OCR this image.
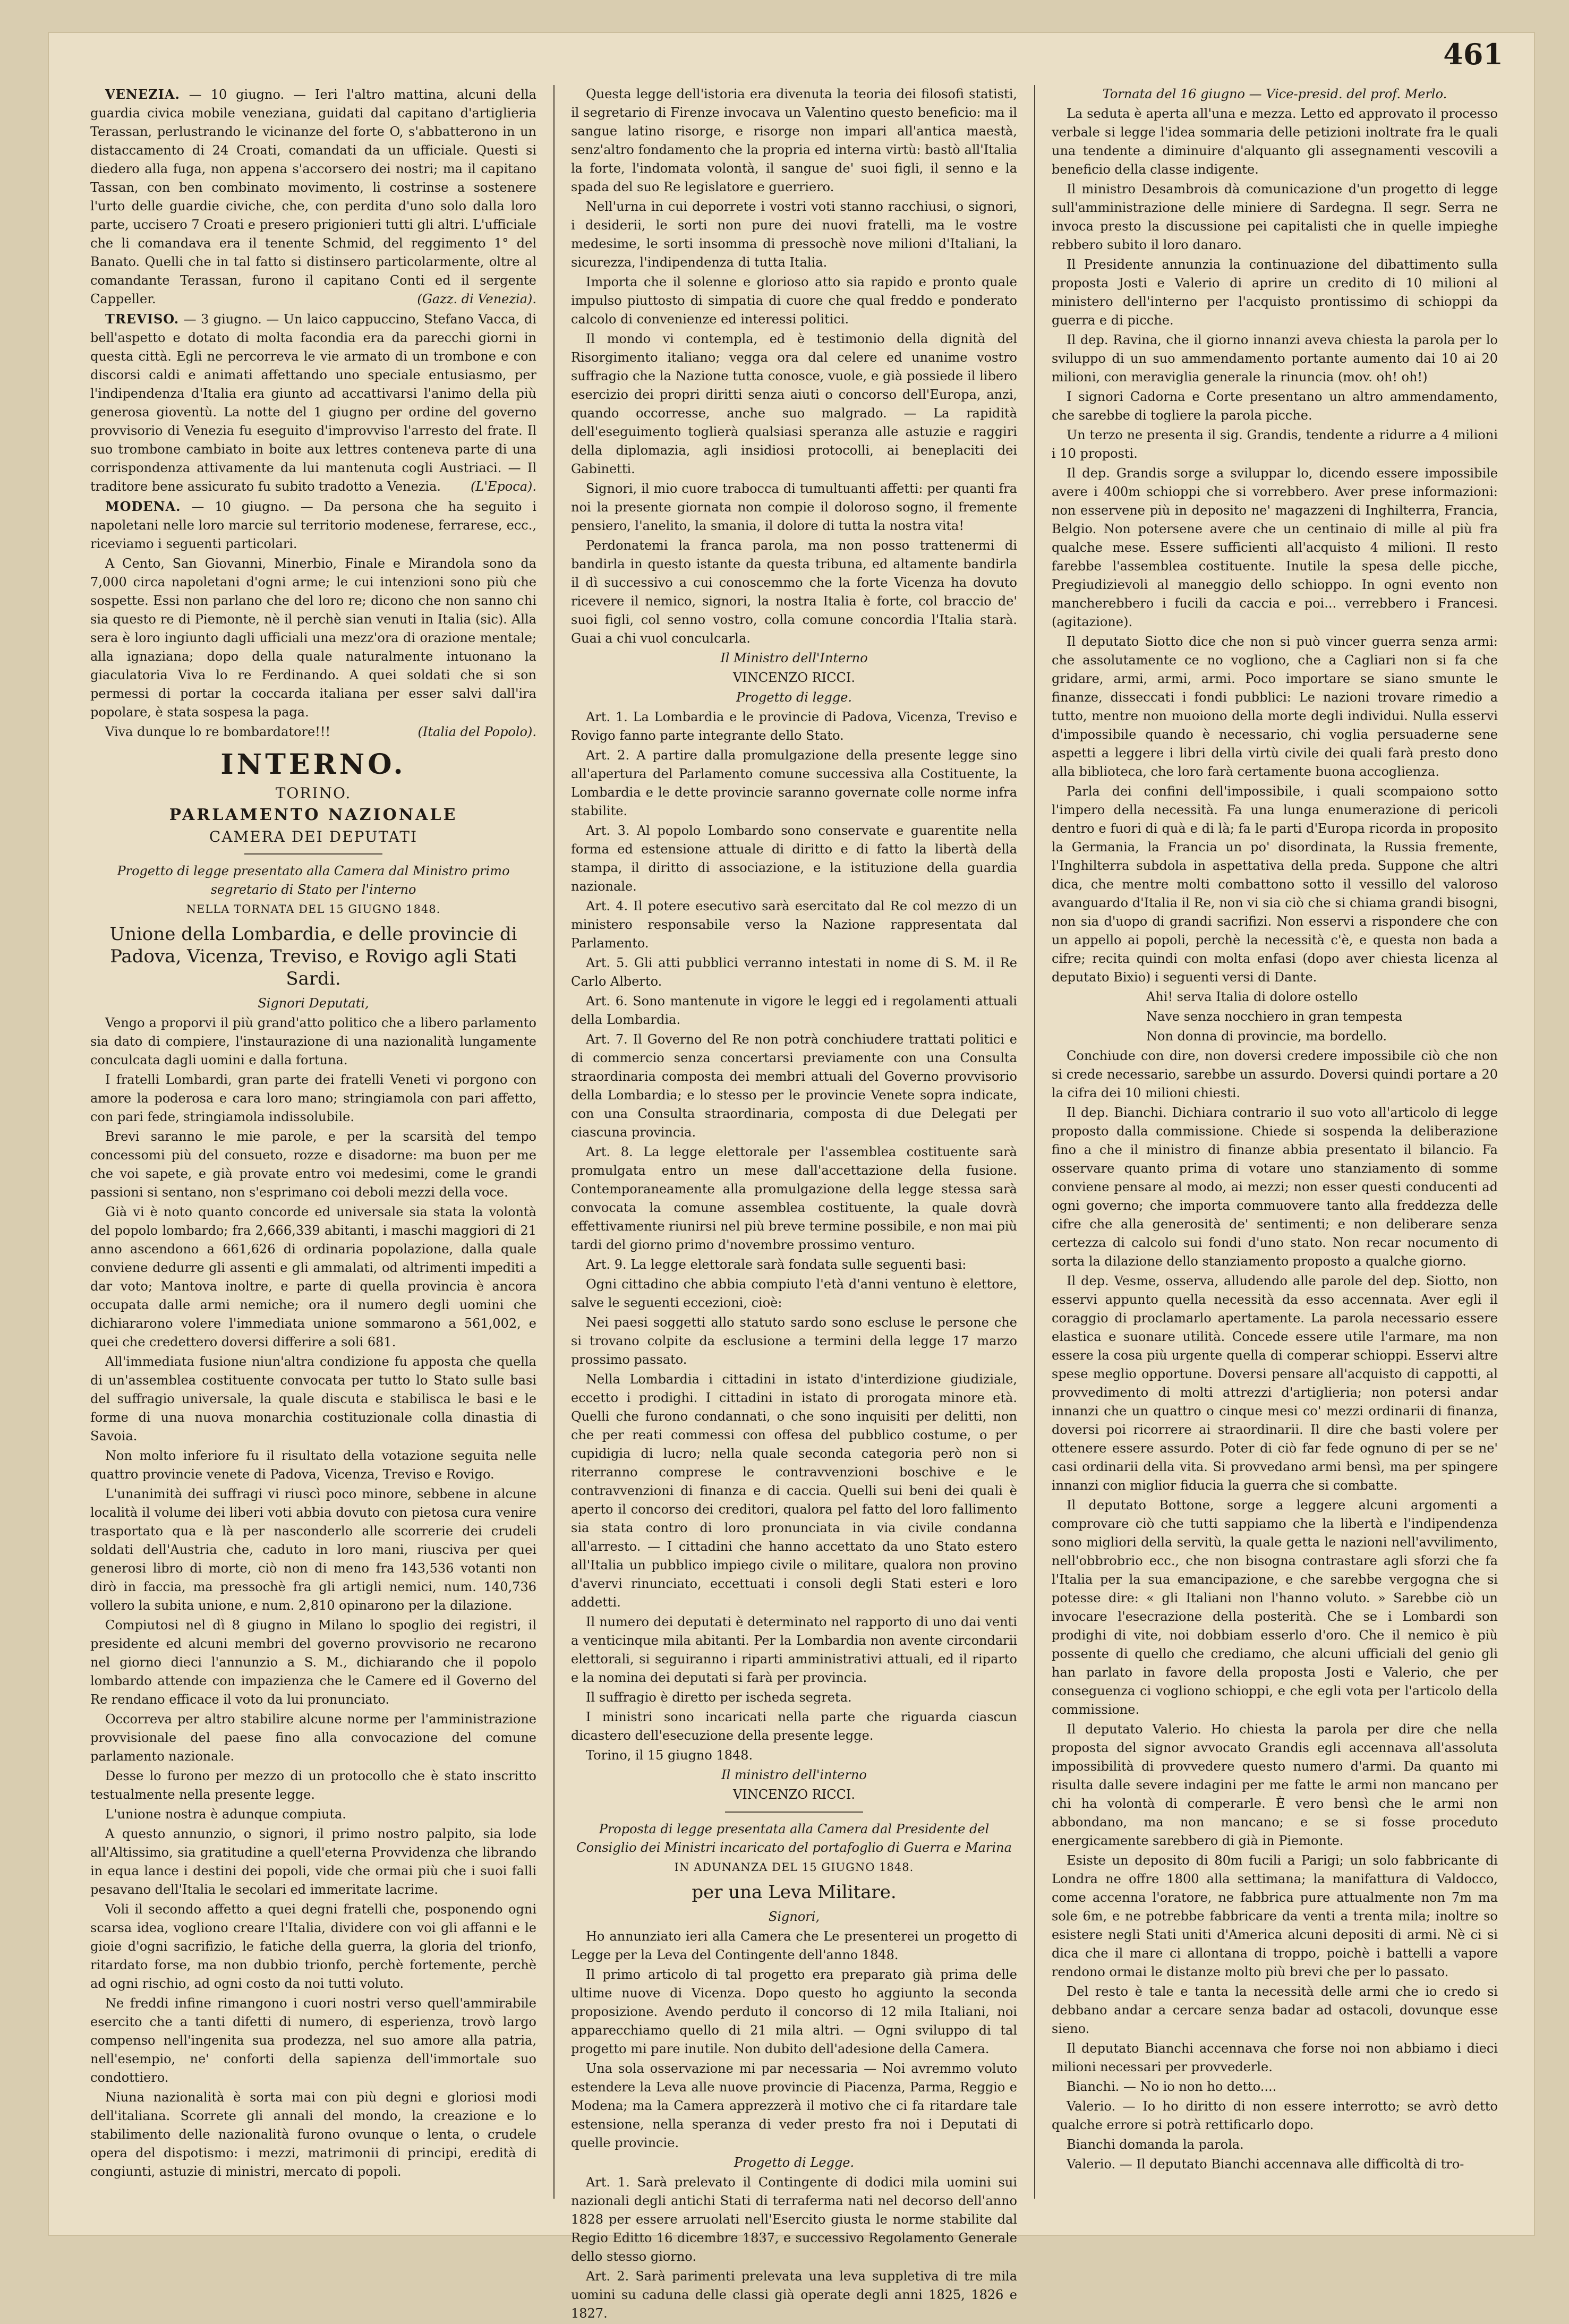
461

VENEZIA. — 10 giugno. — Ieri l'altro mattina, alcuni della guardia civica mobile veneziana, guidati dal capitano d'artiglieria Terassan, perlustrando le vicinanze del forte O, s'abbatterono in un distaccamento di 24 Croati, comandati da un ufficiale. Questi si diedero alla fuga, non appena s'accorsero dei nostri; ma il capitano Tassan, con ben combinato movimento, li costrinse a sostenere l'urto delle guardie civiche, che, con perdita d'uno solo dalla loro parte, uccisero 7 Croati e presero prigionieri tutti gli altri. L'ufficiale che li comandava era il tenente Schmid, del reggimento 1° del Banato. Quelli che in tal fatto si distinsero particolarmente, oltre al comandante Terassan, furono il capitano Conti ed il sergente Cappeller.	(Gazz. di Venezia).

TREVISO. — 3 giugno. — Un laico cappuccino, Stefano Vacca, di bell'aspetto e dotato di molta facondia era da parecchi giorni in questa città. Egli ne percorreva le vie armato di un trombone e con discorsi caldi e animati affettando uno speciale entusiasmo, per l'indipendenza d'Italia era giunto ad accattivarsi l'animo della più generosa gioventù. La notte del 1 giugno per ordine del governo provvisorio di Venezia fu eseguito d'improvviso l'arresto del frate. Il suo trombone cambiato in boite aux lettres conteneva parte di una corrispondenza attivamente da lui mantenuta cogli Austriaci. — Il traditore bene assicurato fu subito tradotto a Venezia.	(L'Epoca).

MODENA. — 10 giugno. — Da persona che ha seguito i napoletani nelle loro marcie sul territorio modenese, ferrarese, ecc., riceviamo i seguenti particolari.

A Cento, San Giovanni, Minerbio, Finale e Mirandola sono da 7,000 circa napoletani d'ogni arme; le cui intenzioni sono più che sospette. Essi non parlano che del loro re; dicono che non sanno chi sia questo re di Piemonte, nè il perchè sian venuti in Italia (sic). Alla sera è loro ingiunto dagli ufficiali una mezz'ora di orazione mentale; alla ignaziana; dopo della quale naturalmente intuonano la giaculatoria Viva lo re Ferdinando. A quei soldati che si son permessi di portar la coccarda italiana per esser salvi dall'ira popolare, è stata sospesa la paga.

Viva dunque lo re bombardatore!!!	(Italia del Popolo).

INTERNO.
TORINO.
PARLAMENTO NAZIONALE
CAMERA DEI DEPUTATI

Progetto di legge presentato alla Camera dal Ministro primo segretario di Stato per l'interno

NELLA TORNATA DEL 15 GIUGNO 1848.

Unione della Lombardia, e delle provincie di Padova, Vicenza, Treviso, e Rovigo agli Stati Sardi.

Signori Deputati,

Vengo a proporvi il più grand'atto politico che a libero parlamento sia dato di compiere, l'instaurazione di una nazionalità lungamente conculcata dagli uomini e dalla fortuna.

I fratelli Lombardi, gran parte dei fratelli Veneti vi porgono con amore la poderosa e cara loro mano; stringiamola con pari affetto, con pari fede, stringiamola indissolubile.

Brevi saranno le mie parole, e per la scarsità del tempo concessomi più del consueto, rozze e disadorne: ma buon per me che voi sapete, e già provate entro voi medesimi, come le grandi passioni si sentano, non s'esprimano coi deboli mezzi della voce.

Già vi è noto quanto concorde ed universale sia stata la volontà del popolo lombardo; fra 2,666,339 abitanti, i maschi maggiori di 21 anno ascendono a 661,626 di ordinaria popolazione, dalla quale conviene dedurre gli assenti e gli ammalati, od altrimenti impediti a dar voto; Mantova inoltre, e parte di quella provincia è ancora occupata dalle armi nemiche; ora il numero degli uomini che dichiararono volere l'immediata unione sommarono a 561,002, e quei che credettero doversi differire a soli 681.

All'immediata fusione niun'altra condizione fu apposta che quella di un'assemblea costituente convocata per tutto lo Stato sulle basi del suffragio universale, la quale discuta e stabilisca le basi e le forme di una nuova monarchia costituzionale colla dinastia di Savoia.

Non molto inferiore fu il risultato della votazione seguita nelle quattro provincie venete di Padova, Vicenza, Treviso e Rovigo.

L'unanimità dei suffragi vi riuscì poco minore, sebbene in alcune località il volume dei liberi voti abbia dovuto con pietosa cura venire trasportato qua e là per nasconderlo alle scorrerie dei crudeli soldati dell'Austria che, caduto in loro mani, riusciva per quei generosi libro di morte, ciò non di meno fra 143,536 votanti non dirò in faccia, ma pressochè fra gli artigli nemici, num. 140,736 vollero la subita unione, e num. 2,810 opinarono per la dilazione.

Compiutosi nel dì 8 giugno in Milano lo spoglio dei registri, il presidente ed alcuni membri del governo provvisorio ne recarono nel giorno dieci l'annunzio a S. M., dichiarando che il popolo lombardo attende con impazienza che le Camere ed il Governo del Re rendano efficace il voto da lui pronunciato.

Occorreva per altro stabilire alcune norme per l'amministrazione provvisionale del paese fino alla convocazione del comune parlamento nazionale.

Desse lo furono per mezzo di un protocollo che è stato inscritto testualmente nella presente legge.

L'unione nostra è adunque compiuta.

A questo annunzio, o signori, il primo nostro palpito, sia lode all'Altissimo, sia gratitudine a quell'eterna Provvidenza che librando in equa lance i destini dei popoli, vide che ormai più che i suoi falli pesavano dell'Italia le secolari ed immeritate lacrime.

Voli il secondo affetto a quei degni fratelli che, posponendo ogni scarsa idea, vogliono creare l'Italia, dividere con voi gli affanni e le gioie d'ogni sacrifizio, le fatiche della guerra, la gloria del trionfo, ritardato forse, ma non dubbio trionfo, perchè fortemente, perchè ad ogni rischio, ad ogni costo da noi tutti voluto.

Ne freddi infine rimangono i cuori nostri verso quell'ammirabile esercito che a tanti difetti di numero, di esperienza, trovò largo compenso nell'ingenita sua prodezza, nel suo amore alla patria, nell'esempio, ne' conforti della sapienza dell'immortale suo condottiero.

Niuna nazionalità è sorta mai con più degni e gloriosi modi dell'italiana. Scorrete gli annali del mondo, la creazione e lo stabilimento delle nazionalità furono ovunque o lenta, o crudele opera del dispotismo: i mezzi, matrimonii di principi, eredità di congiunti, astuzie di ministri, mercato di popoli.

Questa legge dell'istoria era divenuta la teoria dei filosofi statisti, il segretario di Firenze invocava un Valentino questo beneficio: ma il sangue latino risorge, e risorge non impari all'antica maestà, senz'altro fondamento che la propria ed interna virtù: bastò all'Italia la forte, l'indomata volontà, il sangue de' suoi figli, il senno e la spada del suo Re legislatore e guerriero.

Nell'urna in cui deporrete i vostri voti stanno racchiusi, o signori, i desiderii, le sorti non pure dei nuovi fratelli, ma le vostre medesime, le sorti insomma di pressochè nove milioni d'Italiani, la sicurezza, l'indipendenza di tutta Italia.

Importa che il solenne e glorioso atto sia rapido e pronto quale impulso piuttosto di simpatia di cuore che qual freddo e ponderato calcolo di convenienze ed interessi politici.

Il mondo vi contempla, ed è testimonio della dignità del Risorgimento italiano; vegga ora dal celere ed unanime vostro suffragio che la Nazione tutta conosce, vuole, e già possiede il libero esercizio dei propri diritti senza aiuti o concorso dell'Europa, anzi, quando occorresse, anche suo malgrado. — La rapidità dell'eseguimento toglierà qualsiasi speranza alle astuzie e raggiri della diplomazia, agli insidiosi protocolli, ai beneplaciti dei Gabinetti.

Signori, il mio cuore trabocca di tumultuanti affetti: per quanti fra noi la presente giornata non compie il doloroso sogno, il fremente pensiero, l'anelito, la smania, il dolore di tutta la nostra vita!

Perdonatemi la franca parola, ma non posso trattenermi di bandirla in questo istante da questa tribuna, ed altamente bandirla il dì successivo a cui conoscemmo che la forte Vicenza ha dovuto ricevere il nemico, signori, la nostra Italia è forte, col braccio de' suoi figli, col senno vostro, colla comune concordia l'Italia starà. Guai a chi vuol conculcarla.

Il Ministro dell'Interno

VINCENZO RICCI.

Progetto di legge.

Art. 1. La Lombardia e le provincie di Padova, Vicenza, Treviso e Rovigo fanno parte integrante dello Stato.

Art. 2. A partire dalla promulgazione della presente legge sino all'apertura del Parlamento comune successiva alla Costituente, la Lombardia e le dette provincie saranno governate colle norme infra stabilite.

Art. 3. Al popolo Lombardo sono conservate e guarentite nella forma ed estensione attuale di diritto e di fatto la libertà della stampa, il diritto di associazione, e la istituzione della guardia nazionale.

Art. 4. Il potere esecutivo sarà esercitato dal Re col mezzo di un ministero responsabile verso la Nazione rappresentata dal Parlamento.

Art. 5. Gli atti pubblici verranno intestati in nome di S. M. il Re Carlo Alberto.

Art. 6. Sono mantenute in vigore le leggi ed i regolamenti attuali della Lombardia.

Art. 7. Il Governo del Re non potrà conchiudere trattati politici e di commercio senza concertarsi previamente con una Consulta straordinaria composta dei membri attuali del Governo provvisorio della Lombardia; e lo stesso per le provincie Venete sopra indicate, con una Consulta straordinaria, composta di due Delegati per ciascuna provincia.

Art. 8. La legge elettorale per l'assemblea costituente sarà promulgata entro un mese dall'accettazione della fusione. Contemporaneamente alla promulgazione della legge stessa sarà convocata la comune assemblea costituente, la quale dovrà effettivamente riunirsi nel più breve termine possibile, e non mai più tardi del giorno primo d'novembre prossimo venturo.

Art. 9. La legge elettorale sarà fondata sulle seguenti basi:

Ogni cittadino che abbia compiuto l'età d'anni ventuno è elettore, salve le seguenti eccezioni, cioè:

Nei paesi soggetti allo statuto sardo sono escluse le persone che si trovano colpite da esclusione a termini della legge 17 marzo prossimo passato.

Nella Lombardia i cittadini in istato d'interdizione giudiziale, eccetto i prodighi. I cittadini in istato di prorogata minore età. Quelli che furono condannati, o che sono inquisiti per delitti, non che per reati commessi con offesa del pubblico costume, o per cupidigia di lucro; nella quale seconda categoria però non si riterranno comprese le contravvenzioni boschive e le contravvenzioni di finanza e di caccia. Quelli sui beni dei quali è aperto il concorso dei creditori, qualora pel fatto del loro fallimento sia stata contro di loro pronunciata in via civile condanna all'arresto. — I cittadini che hanno accettato da uno Stato estero all'Italia un pubblico impiego civile o militare, qualora non provino d'avervi rinunciato, eccettuati i consoli degli Stati esteri e loro addetti.

Il numero dei deputati è determinato nel rapporto di uno dai venti a venticinque mila abitanti. Per la Lombardia non avente circondarii elettorali, si seguiranno i riparti amministrativi attuali, ed il riparto e la nomina dei deputati si farà per provincia.

Il suffragio è diretto per ischeda segreta.

I ministri sono incaricati nella parte che riguarda ciascun dicastero dell'esecuzione della presente legge.

Torino, il 15 giugno 1848.

Il ministro dell'interno

VINCENZO RICCI.

Proposta di legge presentata alla Camera dal Presidente del Consiglio dei Ministri incaricato del portafoglio di Guerra e Marina

IN ADUNANZA DEL 15 GIUGNO 1848.

per una Leva Militare.

Signori,

Ho annunziato ieri alla Camera che Le presenterei un progetto di Legge per la Leva del Contingente dell'anno 1848.

Il primo articolo di tal progetto era preparato già prima delle ultime nuove di Vicenza. Dopo questo ho aggiunto la seconda proposizione. Avendo perduto il concorso di 12 mila Italiani, noi apparecchiamo quello di 21 mila altri. — Ogni sviluppo di tal progetto mi pare inutile. Non dubito dell'adesione della Camera.

Una sola osservazione mi par necessaria — Noi avremmo voluto estendere la Leva alle nuove provincie di Piacenza, Parma, Reggio e Modena; ma la Camera apprezzerà il motivo che ci fa ritardare tale estensione, nella speranza di veder presto fra noi i Deputati di quelle provincie.

Progetto di Legge.

Art. 1. Sarà prelevato il Contingente di dodici mila uomini sui nazionali degli antichi Stati di terraferma nati nel decorso dell'anno 1828 per essere arruolati nell'Esercito giusta le norme stabilite dal Regio Editto 16 dicembre 1837, e successivo Regolamento Generale dello stesso giorno.

Art. 2. Sarà parimenti prelevata una leva suppletiva di tre mila uomini su caduna delle classi già operate degli anni 1825, 1826 e 1827.

Tornata del 16 giugno — Vice-presid. del prof. Merlo.

La seduta è aperta all'una e mezza. Letto ed approvato il processo verbale si legge l'idea sommaria delle petizioni inoltrate fra le quali una tendente a diminuire d'alquanto gli assegnamenti vescovili a beneficio della classe indigente.

Il ministro Desambrois dà comunicazione d'un progetto di legge sull'amministrazione delle miniere di Sardegna. Il segr. Serra ne invoca presto la discussione pei capitalisti che in quelle impieghe rebbero subito il loro danaro.

Il Presidente annunzia la continuazione del dibattimento sulla proposta Josti e Valerio di aprire un credito di 10 milioni al ministero dell'interno per l'acquisto prontissimo di schioppi da guerra e di picche.

Il dep. Ravina, che il giorno innanzi aveva chiesta la parola per lo sviluppo di un suo ammendamento portante aumento dai 10 ai 20 milioni, con meraviglia generale la rinuncia (mov. oh! oh!)

I signori Cadorna e Corte presentano un altro ammendamento, che sarebbe di togliere la parola picche.

Un terzo ne presenta il sig. Grandis, tendente a ridurre a 4 milioni i 10 proposti.

Il dep. Grandis sorge a sviluppar lo, dicendo essere impossibile avere i 400m schioppi che si vorrebbero. Aver prese informazioni: non esservene più in deposito ne' magazzeni di Inghilterra, Francia, Belgio. Non potersene avere che un centinaio di mille al più fra qualche mese. Essere sufficienti all'acquisto 4 milioni. Il resto farebbe l'assemblea costituente. Inutile la spesa delle picche, Pregiudizievoli al maneggio dello schioppo. In ogni evento non mancherebbero i fucili da caccia e poi... verrebbero i Francesi. (agitazione).

Il deputato Siotto dice che non si può vincer guerra senza armi: che assolutamente ce no vogliono, che a Cagliari non si fa che gridare, armi, armi, armi. Poco importare se siano smunte le finanze, disseccati i fondi pubblici: Le nazioni trovare rimedio a tutto, mentre non muoiono della morte degli individui. Nulla esservi d'impossibile quando è necessario, chi voglia persuaderne sene aspetti a leggere i libri della virtù civile dei quali farà presto dono alla biblioteca, che loro farà certamente buona accoglienza.

Parla dei confini dell'impossibile, i quali scompaiono sotto l'impero della necessità. Fa una lunga enumerazione di pericoli dentro e fuori di quà e di là; fa le parti d'Europa ricorda in proposito la Germania, la Francia un po' disordinata, la Russia fremente, l'Inghilterra subdola in aspettativa della preda. Suppone che altri dica, che mentre molti combattono sotto il vessillo del valoroso avanguardo d'Italia il Re, non vi sia ciò che si chiama grandi bisogni, non sia d'uopo di grandi sacrifizi. Non esservi a rispondere che con un appello ai popoli, perchè la necessità c'è, e questa non bada a cifre; recita quindi con molta enfasi (dopo aver chiesta licenza al deputato Bixio) i seguenti versi di Dante.

Ahi! serva Italia di dolore ostello

Nave senza nocchiero in gran tempesta

Non donna di provincie, ma bordello.

Conchiude con dire, non doversi credere impossibile ciò che non si crede necessario, sarebbe un assurdo. Doversi quindi portare a 20 la cifra dei 10 milioni chiesti.

Il dep. Bianchi. Dichiara contrario il suo voto all'articolo di legge proposto dalla commissione. Chiede si sospenda la deliberazione fino a che il ministro di finanze abbia presentato il bilancio. Fa osservare quanto prima di votare uno stanziamento di somme conviene pensare al modo, ai mezzi; non esser questi conducenti ad ogni governo; che importa commuovere tanto alla freddezza delle cifre che alla generosità de' sentimenti; e non deliberare senza certezza di calcolo sui fondi d'uno stato. Non recar nocumento di sorta la dilazione dello stanziamento proposto a qualche giorno.

Il dep. Vesme, osserva, alludendo alle parole del dep. Siotto, non esservi appunto quella necessità da esso accennata. Aver egli il coraggio di proclamarlo apertamente. La parola necessario essere elastica e suonare utilità. Concede essere utile l'armare, ma non essere la cosa più urgente quella di comperar schioppi. Esservi altre spese meglio opportune. Doversi pensare all'acquisto di cappotti, al provvedimento di molti attrezzi d'artiglieria; non potersi andar innanzi che un quattro o cinque mesi co' mezzi ordinarii di finanza, doversi poi ricorrere ai straordinarii. Il dire che basti volere per ottenere essere assurdo. Poter di ciò far fede ognuno di per se ne' casi ordinarii della vita. Si provvedano armi bensì, ma per spingere innanzi con miglior fiducia la guerra che si combatte.

Il deputato Bottone, sorge a leggere alcuni argomenti a comprovare ciò che tutti sappiamo che la libertà e l'indipendenza sono migliori della servitù, la quale getta le nazioni nell'avvilimento, nell'obbrobrio ecc., che non bisogna contrastare agli sforzi che fa l'Italia per la sua emancipazione, e che sarebbe vergogna che si potesse dire: « gli Italiani non l'hanno voluto. » Sarebbe ciò un invocare l'esecrazione della posterità. Che se i Lombardi son prodighi di vite, noi dobbiam esserlo d'oro. Che il nemico è più possente di quello che crediamo, che alcuni ufficiali del genio gli han parlato in favore della proposta Josti e Valerio, che per conseguenza ci vogliono schioppi, e che egli vota per l'articolo della commissione.

Il deputato Valerio. Ho chiesta la parola per dire che nella proposta del signor avvocato Grandis egli accennava all'assoluta impossibilità di provvedere questo numero d'armi. Da quanto mi risulta dalle severe indagini per me fatte le armi non mancano per chi ha volontà di comperarle. È vero bensì che le armi non abbondano, ma non mancano; e se si fosse proceduto energicamente sarebbero di già in Piemonte.

Esiste un deposito di 80m fucili a Parigi; un solo fabbricante di Londra ne offre 1800 alla settimana; la manifattura di Valdocco, come accenna l'oratore, ne fabbrica pure attualmente non 7m ma sole 6m, e ne potrebbe fabbricare da venti a trenta mila; inoltre so esistere negli Stati uniti d'America alcuni depositi di armi. Nè ci si dica che il mare ci allontana di troppo, poichè i battelli a vapore rendono ormai le distanze molto più brevi che per lo passato.

Del resto è tale e tanta la necessità delle armi che io credo si debbano andar a cercare senza badar ad ostacoli, dovunque esse sieno.

Il deputato Bianchi accennava che forse noi non abbiamo i dieci milioni necessari per provvederle.

Bianchi. — No io non ho detto....

Valerio. — Io ho diritto di non essere interrotto; se avrò detto qualche errore si potrà rettificarlo dopo.

Bianchi domanda la parola.

Valerio. — Il deputato Bianchi accennava alle difficoltà di tro-
